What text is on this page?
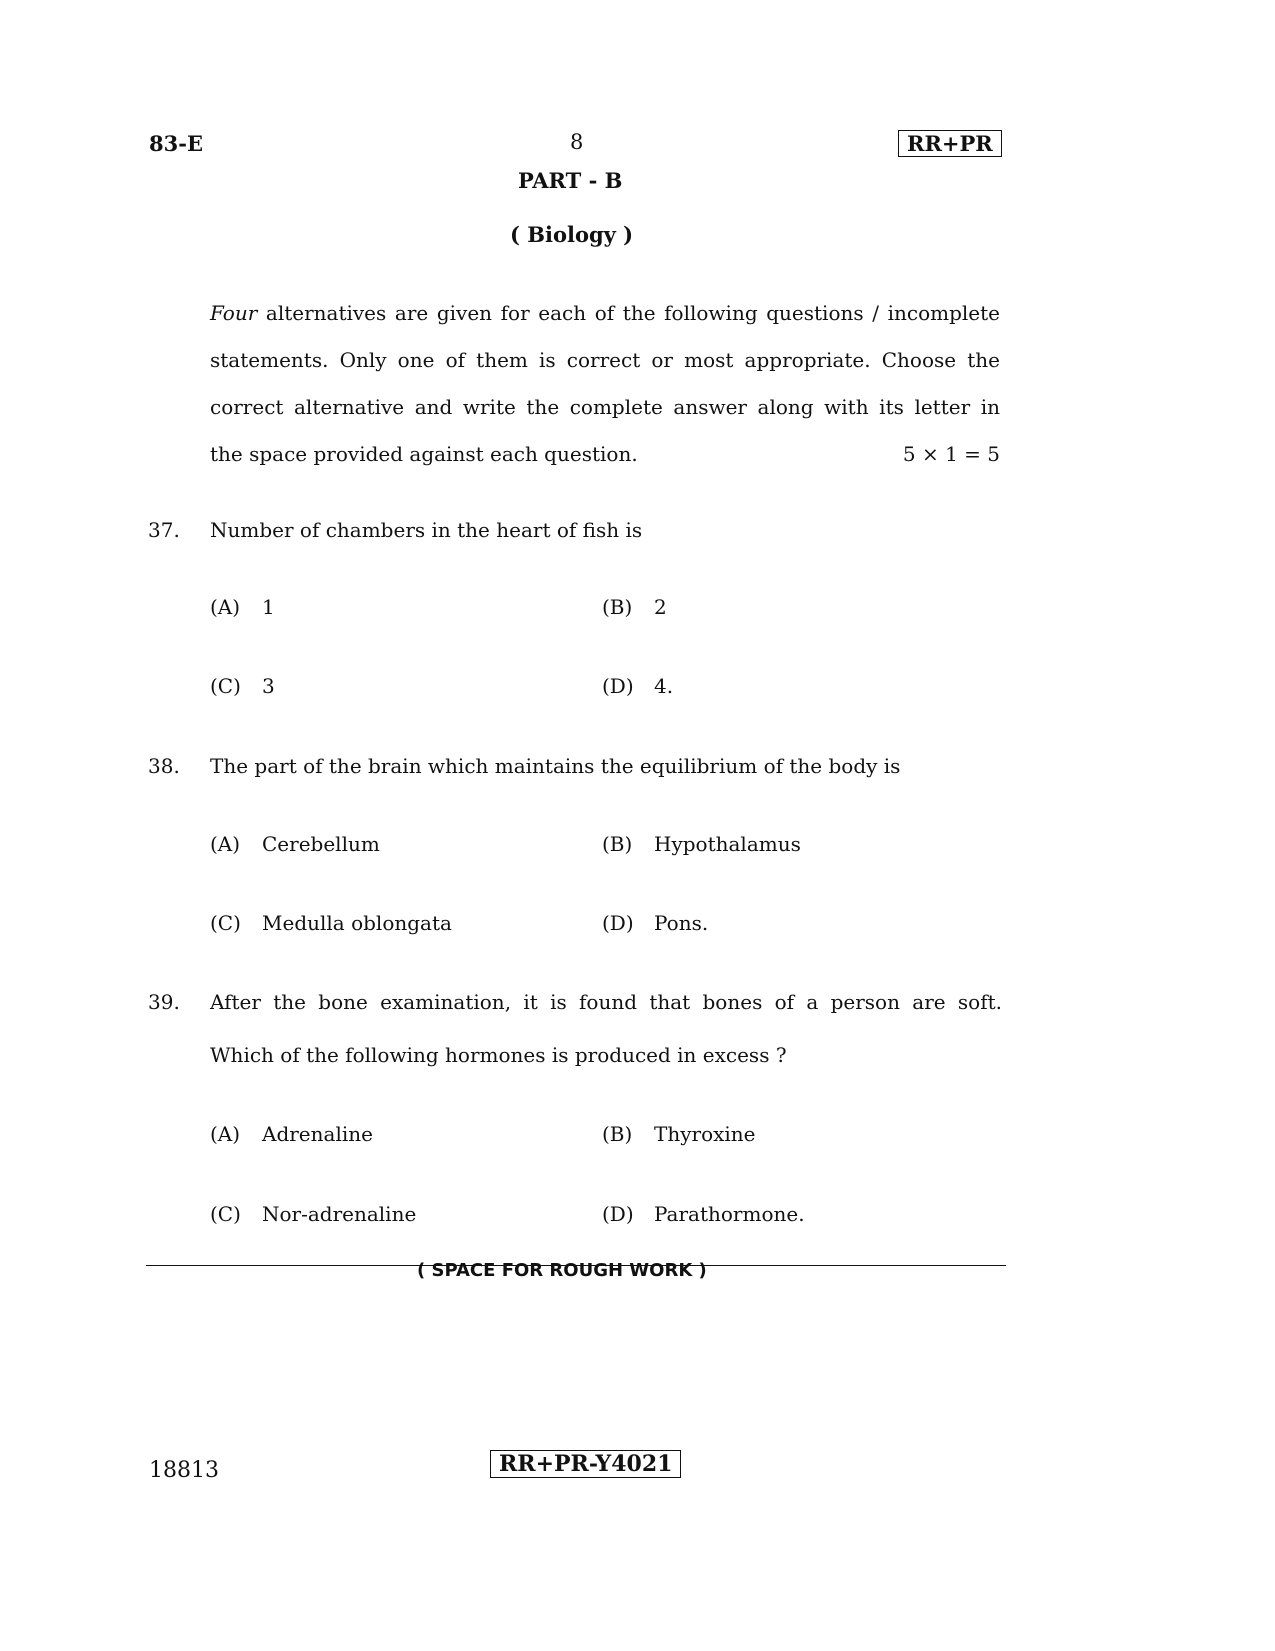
83-E	8	RR+PR
PART - B
( Biology )
Four alternatives are given for each of the following questions / incomplete
statements. Only one of them is correct or most appropriate. Choose the
correct alternative and write the complete answer along with its letter in
the space provided against each question.	5 × 1 = 5
37. Number of chambers in the heart of fish is
(A) 1	(B) 2
(C) 3	(D) 4.
38. The part of the brain which maintains the equilibrium of the body is
(A) Cerebellum	(B) Hypothalamus
(C) Medulla oblongata	(D) Pons.
39. After the bone examination, it is found that bones of a person are soft.
Which of the following hormones is produced in excess ?
(A) Adrenaline	(B) Thyroxine
(C) Nor-adrenaline	(D) Parathormone.
( SPACE FOR ROUGH WORK )
18813	RR+PR-Y4021
